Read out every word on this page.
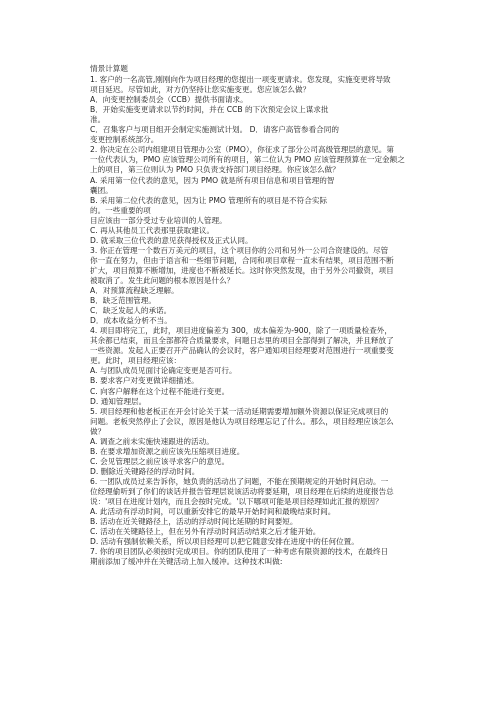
情景计算题

1. 客户的一名高管,刚刚向作为项目经理的您提出一项变更请求。您发现，实施变更将导致

项目延迟。尽管如此，对方仍坚持让您实施变更。您应该怎么做？

A．向变更控制委员会（CCB）提供书面请求。

B．开始实施变更请求以节约时间，并在 CCB 的下次预定会议上谋求批

准。

C．召集客户与项目组开会制定实施测试计划。 D．请客户高管参看合同的

变更控制系统部分。

2. 你决定在公司内组建项目管理办公室（PMO），你征求了部分公司高级管理层的意见。第

一位代表认为，PMO 应该管理公司所有的项目，第二位认为 PMO 应该管理预算在一定金额之

上的项目，第三位则认为 PMO 只负责支持部门项目经理。你应该怎么做？

A. 采用第一位代表的意见，因为 PMO 就是所有项目信息和项目管理的智

囊团。

B. 采用第二位代表的意见，因为让 PMO 管理所有的项目是不符合实际

的。一些重要的项

目应该由一部分受过专业培训的人管理。

C. 再从其他员工代表那里获取建议。

D. 就采取三位代表的意见获得授权及正式认同。

3. 你正在管理一个数百万美元的项目，这个项目你的公司和另外一公司合资建设的。尽管

你一直在努力，但由于语言和一些细节问题，合同和项目章程一直未有结果，项目范围不断

扩大，项目预算不断增加，进度也不断被延长。这时你突然发现，由于另外公司撤资，项目

被取消了。发生此问题的根本原因是什么？

A．对预算流程缺乏理解。

B．缺乏范围管理。

C．缺乏发起人的承诺。

D．成本收益分析不当。

4. 项目即将完工，此时，项目进度偏差为 300，成本偏差为-900，除了一项质量检查外，

其余都已结束，而且全部都符合质量要求，问题日志里的项目全部得到了解决，并且释放了

一些资源。发起人正要召开产品确认的会议时，客户通知项目经理要对范围进行一项重要变

更。此时，项目经理应该：

A. 与团队成员见面讨论确定变更是否可行。

B. 要求客户对变更做详细描述。

C. 向客户解释在这个过程不能进行变更。

D. 通知管理层。

5. 项目经理和他老板正在开会讨论关于某一活动延期需要增加额外资源以保证完成项目的

问题。老板突然停止了会议，原因是他认为项目经理忘记了什么。那么，项目经理应该怎么

做？

A. 调查之前未实施快速跟进的活动。

B. 在要求增加资源之前应该先压缩项目进度。

C. 会见管理层之前应该寻求客户的意见。

D. 删除近关键路径的浮动时间。

6. 一团队成员过来告诉你，她负责的活动出了问题，不能在预期规定的开始时间启动。一

位经理偷听到了你们的谈话并报告管理层说该活动将要延期，项目经理在后续的进度报告总

说：'项目在进度计划内，而且会按时完成。'以下哪项可能是项目经理如此汇报的原因？

A. 此活动有浮动时间，可以重新安排它的最早开始时间和最晚结束时间。

B. 活动在近关键路径上，活动的浮动时间比延期的时间要短。

C. 活动在关键路径上，但在另外有浮动时间活动结束之后才能开始。

D. 活动有强制依赖关系，所以项目经理可以把它随意安排在进度中的任何位置。

7. 你的项目团队必须按时完成项目。你的团队使用了一种考虑有限资源的技术，在最终日

期前添加了缓冲并在关键活动上加入缓冲。这种技术叫做:
